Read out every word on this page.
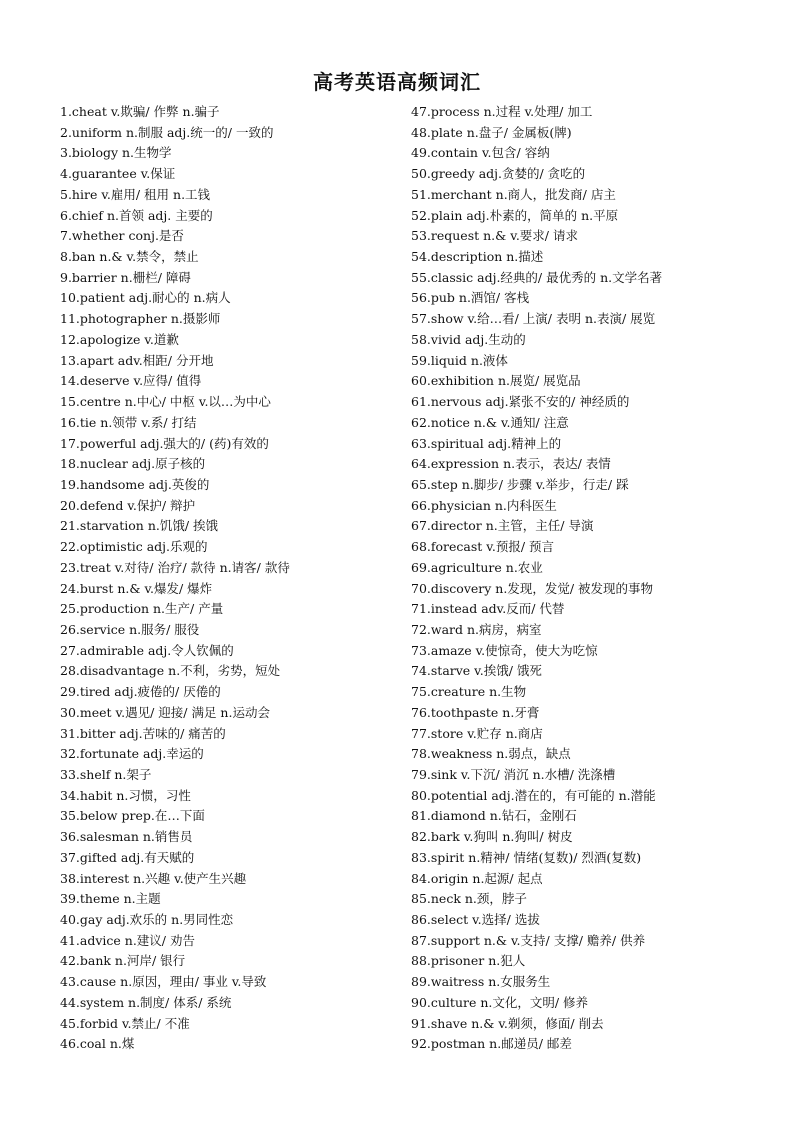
高考英语高频词汇
1.cheat v.欺骗/ 作弊 n.骗子
2.uniform n.制服 adj.统一的/ 一致的
3.biology n.生物学
4.guarantee v.保证
5.hire v.雇用/ 租用 n.工钱
6.chief n.首领 adj. 主要的
7.whether conj.是否
8.ban n.& v.禁令，禁止
9.barrier n.栅栏/ 障碍
10.patient adj.耐心的 n.病人
11.photographer n.摄影师
12.apologize v.道歉
13.apart adv.相距/ 分开地
14.deserve v.应得/ 值得
15.centre n.中心/ 中枢 v.以…为中心
16.tie n.领带 v.系/ 打结
17.powerful adj.强大的/ (药)有效的
18.nuclear adj.原子核的
19.handsome adj.英俊的
20.defend v.保护/ 辩护
21.starvation n.饥饿/ 挨饿
22.optimistic adj.乐观的
23.treat v.对待/ 治疗/ 款待 n.请客/ 款待
24.burst n.& v.爆发/ 爆炸
25.production n.生产/ 产量
26.service n.服务/ 服役
27.admirable adj.令人钦佩的
28.disadvantage n.不利，劣势，短处
29.tired adj.疲倦的/ 厌倦的
30.meet v.遇见/ 迎接/ 满足 n.运动会
31.bitter adj.苦味的/ 痛苦的
32.fortunate adj.幸运的
33.shelf n.架子
34.habit n.习惯，习性
35.below prep.在…下面
36.salesman n.销售员
37.gifted adj.有天赋的
38.interest n.兴趣 v.使产生兴趣
39.theme n.主题
40.gay adj.欢乐的 n.男同性恋
41.advice n.建议/ 劝告
42.bank n.河岸/ 银行
43.cause n.原因，理由/ 事业 v.导致
44.system n.制度/ 体系/ 系统
45.forbid v.禁止/ 不准
46.coal n.煤
47.process n.过程 v.处理/ 加工
48.plate n.盘子/ 金属板(牌)
49.contain v.包含/ 容纳
50.greedy adj.贪婪的/ 贪吃的
51.merchant n.商人，批发商/ 店主
52.plain adj.朴素的，简单的 n.平原
53.request n.& v.要求/ 请求
54.description n.描述
55.classic adj.经典的/ 最优秀的 n.文学名著
56.pub n.酒馆/ 客栈
57.show v.给…看/ 上演/ 表明 n.表演/ 展览
58.vivid adj.生动的
59.liquid n.液体
60.exhibition n.展览/ 展览品
61.nervous adj.紧张不安的/ 神经质的
62.notice n.& v.通知/ 注意
63.spiritual adj.精神上的
64.expression n.表示，表达/ 表情
65.step n.脚步/ 步骤 v.举步，行走/ 踩
66.physician n.内科医生
67.director n.主管，主任/ 导演
68.forecast v.预报/ 预言
69.agriculture n.农业
70.discovery n.发现，发觉/ 被发现的事物
71.instead adv.反而/ 代替
72.ward n.病房，病室
73.amaze v.使惊奇，使大为吃惊
74.starve v.挨饿/ 饿死
75.creature n.生物
76.toothpaste n.牙膏
77.store v.贮存 n.商店
78.weakness n.弱点，缺点
79.sink v.下沉/ 消沉 n.水槽/ 洗涤槽
80.potential adj.潜在的，有可能的 n.潜能
81.diamond n.钻石，金刚石
82.bark v.狗叫 n.狗叫/ 树皮
83.spirit n.精神/ 情绪(复数)/ 烈酒(复数)
84.origin n.起源/ 起点
85.neck n.颈，脖子
86.select v.选择/ 选拔
87.support n.& v.支持/ 支撑/ 赡养/ 供养
88.prisoner n.犯人
89.waitress n.女服务生
90.culture n.文化，文明/ 修养
91.shave n.& v.剃须，修面/ 削去
92.postman n.邮递员/ 邮差
